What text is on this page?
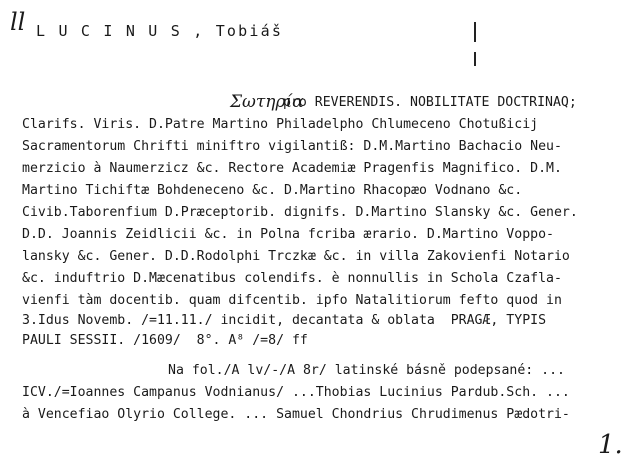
ll L U C I N U S , Tobiáš
Σωτηρία
pro REVERENDIS. NOBILITATE DOCTRINAQ;
Clarifs. Viris. D.Patre Martino Philadelpho Chlumeceno Chotußicij
Sacramentorum Chrifti miniftro vigilantiß: D.M.Martino Bachacio Neu-
merzicio à Naumerzicz &c. Rectore Academiæ Pragenfis Magnifico. D.M.
Martino Tichiftæ Bohdeneceno &c. D.Martino Rhacopæo Vodnano &c.
Civib.Taborenfium D.Præceptorib. dignifs. D.Martino Slansky &c. Gener.
D.D. Joannis Zeidlicii &c. in Polna fcriba ærario. D.Martino Voppo-
lansky &c. Gener. D.D.Rodolphi Trczkæ &c. in villa Zakovienfi Notario
&c. induftrio D.Mæcenatibus colendifs. è nonnullis in Schola Czafla-
vienfi tàm docentib. quam difcentib. ipfo Natalitiorum fefto quod in
3.Idus Novemb. /=11.11./ incidit, decantata & oblata  PRAGÆ, TYPIS
PAULI SESSII. /1609/  8°. A⁸ /=8/ ff
Na fol./A lv/-/A 8r/ latinské básně podepsané: ...
ICV./=Ioannes Campanus Vodnianus/ ...Thobias Lucinius Pardub.Sch. ...
à Vencefiao Olyrio College. ... Samuel Chondrius Chrudimenus Pædotri-
1.
